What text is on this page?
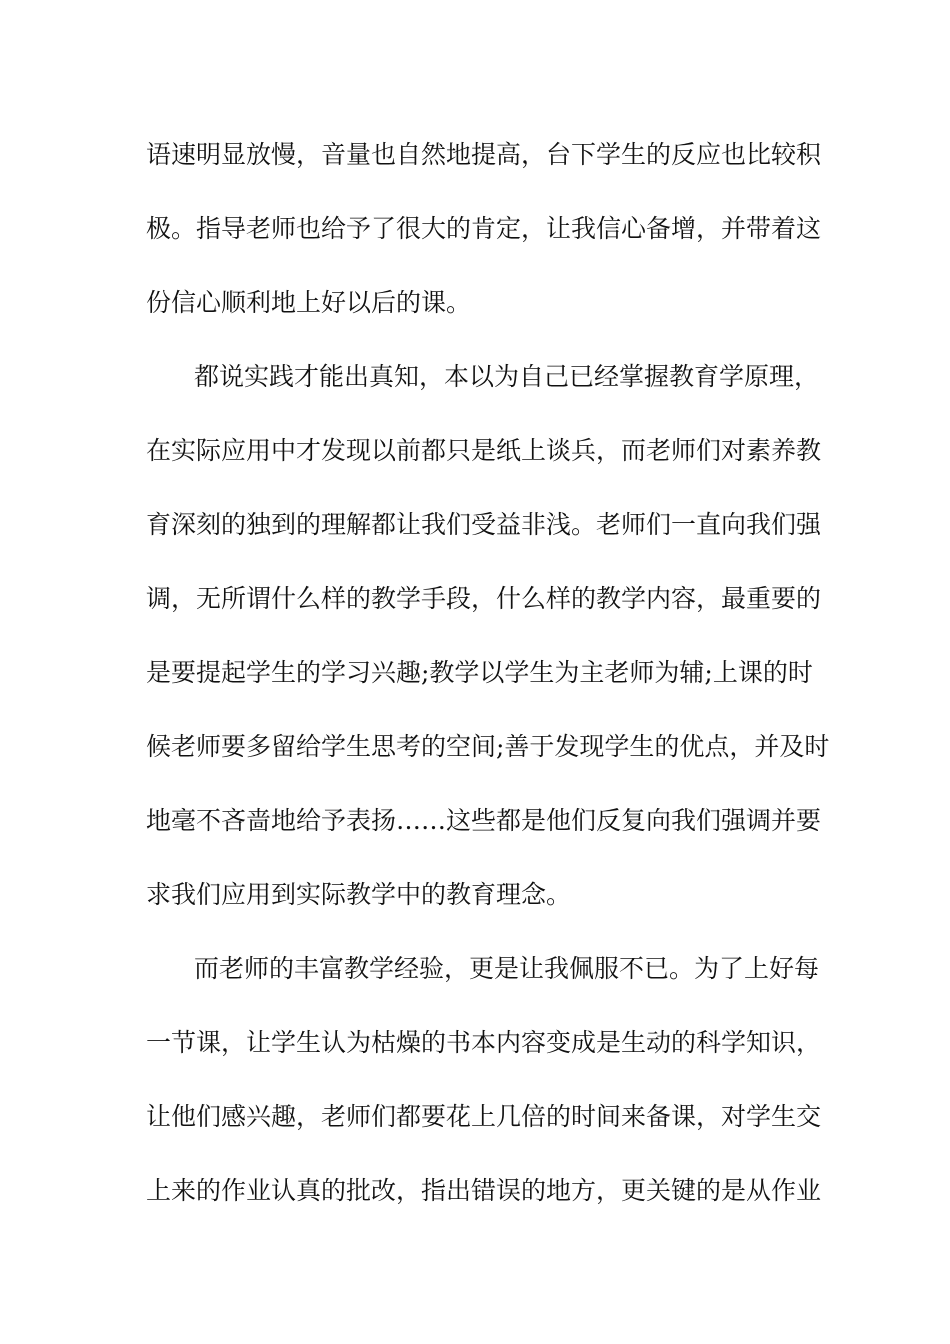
语速明显放慢，音量也自然地提高，台下学生的反应也比较积
极。指导老师也给予了很大的肯定，让我信心备增，并带着这
份信心顺利地上好以后的课。
都说实践才能出真知，本以为自己已经掌握教育学原理，
在实际应用中才发现以前都只是纸上谈兵，而老师们对素养教
育深刻的独到的理解都让我们受益非浅。老师们一直向我们强
调，无所谓什么样的教学手段，什么样的教学内容，最重要的
是要提起学生的学习兴趣;教学以学生为主老师为辅;上课的时
候老师要多留给学生思考的空间;善于发现学生的优点，并及时
地毫不吝啬地给予表扬……这些都是他们反复向我们强调并要
求我们应用到实际教学中的教育理念。
而老师的丰富教学经验，更是让我佩服不已。为了上好每
一节课，让学生认为枯燥的书本内容变成是生动的科学知识，
让他们感兴趣，老师们都要花上几倍的时间来备课，对学生交
上来的作业认真的批改，指出错误的地方，更关键的是从作业
